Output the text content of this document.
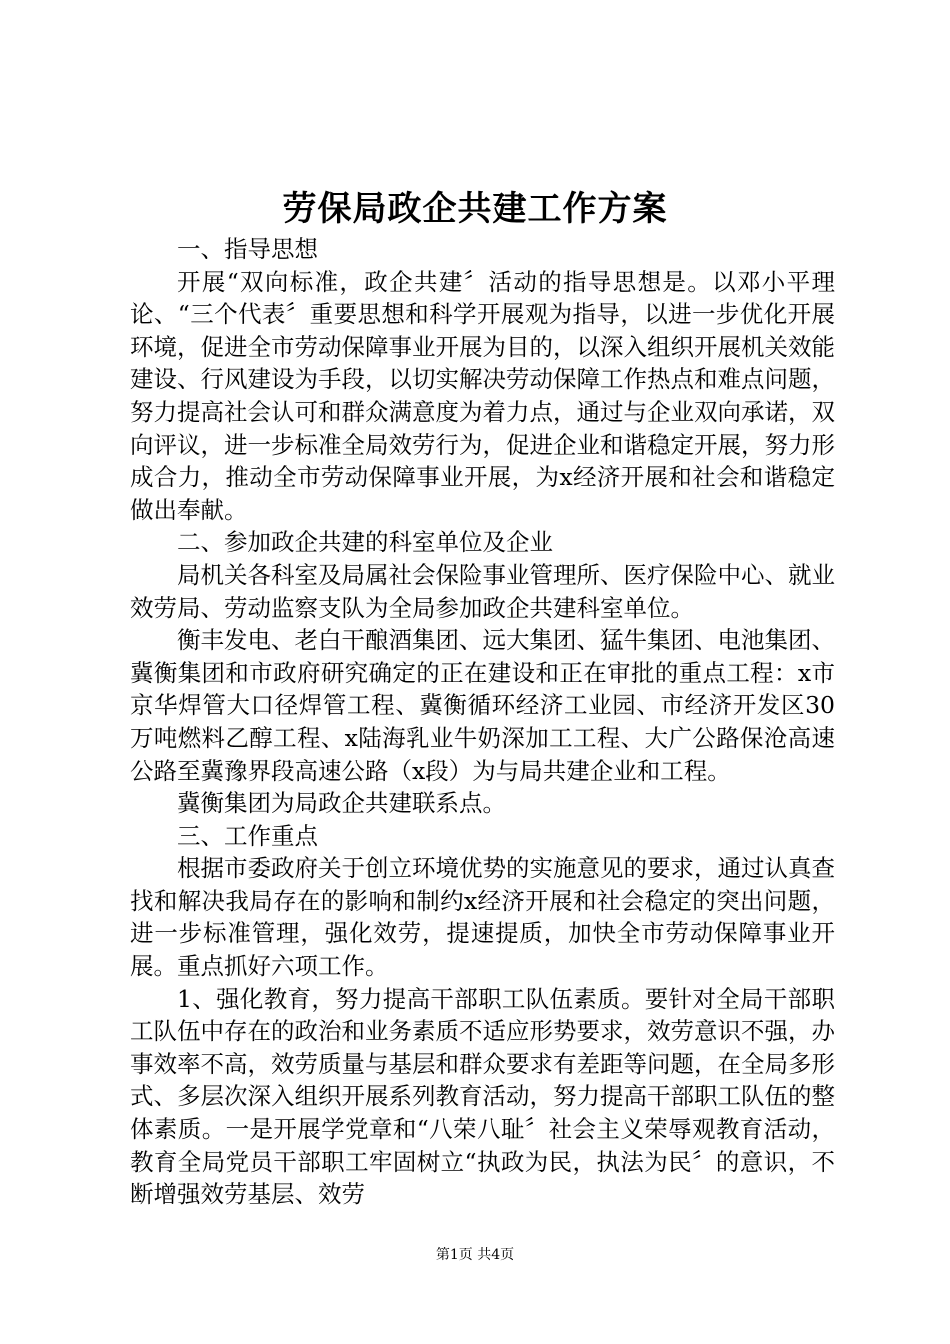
劳保局政企共建工作方案

一、指导思想

开展“双向标准，政企共建〞活动的指导思想是。以邓小平理论、“三个代表〞重要思想和科学开展观为指导，以进一步优化开展环境，促进全市劳动保障事业开展为目的，以深入组织开展机关效能建设、行风建设为手段，以切实解决劳动保障工作热点和难点问题，努力提高社会认可和群众满意度为着力点，通过与企业双向承诺，双向评议，进一步标准全局效劳行为，促进企业和谐稳定开展，努力形成合力，推动全市劳动保障事业开展，为x经济开展和社会和谐稳定做出奉献。

二、参加政企共建的科室单位及企业

局机关各科室及局属社会保险事业管理所、医疗保险中心、就业效劳局、劳动监察支队为全局参加政企共建科室单位。

衡丰发电、老白干酿酒集团、远大集团、猛牛集团、电池集团、冀衡集团和市政府研究确定的正在建设和正在审批的重点工程：x市京华焊管大口径焊管工程、冀衡循环经济工业园、市经济开发区30万吨燃料乙醇工程、x陆海乳业牛奶深加工工程、大广公路保沧高速公路至冀豫界段高速公路（x段）为与局共建企业和工程。

冀衡集团为局政企共建联系点。

三、工作重点

根据市委政府关于创立环境优势的实施意见的要求，通过认真查找和解决我局存在的影响和制约x经济开展和社会稳定的突出问题，进一步标准管理，强化效劳，提速提质，加快全市劳动保障事业开展。重点抓好六项工作。

1、强化教育，努力提高干部职工队伍素质。要针对全局干部职工队伍中存在的政治和业务素质不适应形势要求，效劳意识不强，办事效率不高，效劳质量与基层和群众要求有差距等问题，在全局多形式、多层次深入组织开展系列教育活动，努力提高干部职工队伍的整体素质。一是开展学党章和“八荣八耻〞社会主义荣辱观教育活动，教育全局党员干部职工牢固树立“执政为民，执法为民〞的意识，不断增强效劳基层、效劳

第1页 共4页
